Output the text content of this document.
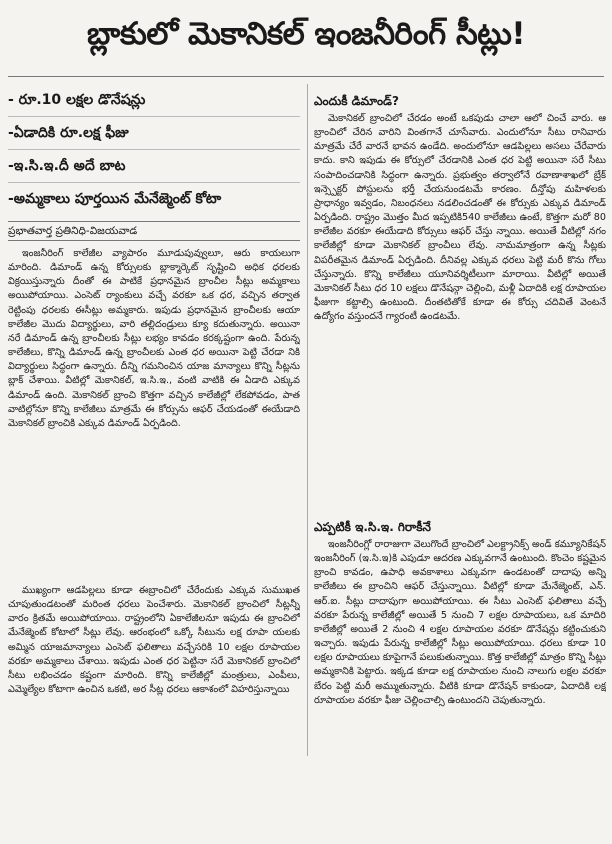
బ్లాకులో మెకానికల్ ఇంజనీరింగ్ సీట్లు!
- రూ.10 లక్షల డొనేషన్లు
-ఏడాదికి రూ.లక్ష ఫీజు
-ఇ.సి.ఇ.దీ అదే బాట
-అమ్మకాలు పూర్తయిన మేనేజ్మెంట్ కోటా
ప్రభాతవార్త ప్రతినిధి-విజయవాడ

ఇంజనీరింగ్ కాలేజీల వ్యాపారం మూడుపువ్వులూ, ఆరు కాయలుగా మారింది. డిమాండ్ ఉన్న కోర్సులకు బ్లాక్మార్కెట్ సృష్టించి అధిక ధరలకు విక్రయిస్తున్నారు దీంతో ఈ పాటికే ప్రధానమైన బ్రాంచీల సీట్లు అమ్మకాలు అయిపోయాయి. ఎంసెట్ ర్యాంకులు వచ్చే వరకూ ఒక ధర, వచ్చిన తర్వాత రెట్టింపు ధరలకు ఈసీట్లు అమ్మకారు. ఇపుడు ప్రధానమైన బ్రాంచీలకు ఆయా కాలేజీల మెుదు విద్యార్థులు, వారి తల్లిదండ్రులు క్యూ కదుతున్నారు. అయినా నరే డిమాండ్ ఉన్న బ్రాంచీలకు సీట్లు లభ్యం కావడం కరక్కష్టంగా ఉంది. పేరున్న కాలేజీలు, కొన్ని డిమాండ్ ఉన్న బ్రాంచీలకు ఎంత ధర అయినా పెట్టి చేరడా నికి విద్యార్థులు సిద్ధంగా ఉన్నారు. దీన్ని గమనించిన యాజ మాన్యాలు కొన్ని సీట్లను బ్లాక్ చేశాయి. వీటిల్లో మెకానికల్, ఇ.సి.ఇ., వంటి వాటికి ఈ ఏడాది ఎక్కువ డిమాండ్ ఉంది. మెకానికల్ బ్రాంచి కొత్తగా వచ్చిన కాలేజీల్లో లేకపోవడం, పాత వాటిల్లోనూ కొన్ని కాలేజీలు మాత్రమే ఈ కోర్సును ఆఫర్ చేయడంతో ఈయేడాది మెకానికల్ బ్రాంచికి ఎక్కువ డిమాండ్ ఏర్పడింది.

ముఖ్యంగా ఆడపిల్లలు కూడా ఈబ్రాంచిలో చేరేందుకు ఎక్కువ సుముఖత చూపుతుండటంతో మరింత ధరలు పెంచేశారు. మెకానికల్ బ్రాంచిలో సీట్లన్నీ వారం క్రితమే అయిపోయాయి. రాష్ట్రంలోని ఏకాలేజీలనూ ఇపుడు ఈ బ్రాంచిలో మేనేజ్మెంట్ కోటాలో సీట్లు లేవు. ఆరంభంలో ఒక్కో సీటును లక్ష రూపా యలకు అమ్మిన యాజమాన్యాలు ఎంసెట్ ఫలితాలు వచ్చేసరికి 10 లక్షల రూపాయల వరకూ అమ్మకాలు చేశాయి. ఇపుడు ఎంత ధర పెట్టినా సరే మెకానికల్ బ్రాంచిలో సీటు లభించడం కష్టంగా మారింది. కొన్ని కాలేజీల్లో మంత్రులు, ఎంపీలు, ఎమ్మెల్యేల కోటాగా ఉంచిన ఒకటి, అర సీట్ల ధరలు ఆకాశంలో విహరిస్తున్నాయి

ఎందుకీ డిమాండ్?

మెకానికల్ బ్రాంచిలో చేరడం అంటే ఒకపుడు చాలా ఆలో చించే వారు. ఆ బ్రాంచిలో చేరిన వారిని వింతగానే చూసేవారు. ఎందులోనూ సీటు రానివారు మాత్రమే చేరే వారనే భావన ఉండేది. అందులోనూ ఆడపిల్లలు అసలు చేరేవారు కాదు. కాని ఇపుడు ఈ కోర్సులో చేరడానికి ఎంత ధర పెట్టి అయినా సరే సీటు సంపాదించడానికి సిద్ధంగా ఉన్నారు. ప్రభుత్వం తర్వాలోనే రవాణాశాఖలో బ్రేక్ ఇన్స్పెక్టర్ పోస్టులను భర్తీ చేయనుండటమే కారణం. దీన్తోపు మహిళలకు ప్రాధాన్యం ఇవ్వడం, నిబంధనలు నడలించడంతో ఈ కోర్సుకు ఎక్కువ డిమాండ్ ఏర్పడింది. రాష్ట్రం మొత్తం మీద ఇప్పటికి540 కాలేజీలు ఉంటే, కొత్తగా మరో 80 కాలేజీల వరకూ ఈయేడాది కోర్సులు ఆఫర్ చేస్తు న్నాయి. అయితే వీటిల్లో నగం కాలేజీల్లో కూడా మెకానికల్ బ్రాంచీలు లేవు. నామమాత్రంగా ఉన్న సీట్లకు విపరీతమైన డిమాండ్ ఏర్పడింది. దీనివల్ల ఎక్కువ ధరలు పెట్టి మరీ కొను గోలు చేస్తున్నారు. కొన్ని కాలేజీలు యూనివర్శిటీలుగా మారాయి. వీటిల్లో అయితే మెకానికల్ సీటు ధర 10 లక్షలు డొనేషన్గా చెల్లించి, మళ్లీ ఏదాదికి లక్ష రూపాయల ఫీజుగా కట్టాల్సి ఉంటుంది. దీంతటితోకే కూడా ఈ కోర్సు చదివితే వెంటనే ఉద్యోగం వస్తుందనే గ్యారంటీ ఉండటమే.

ఎప్పటికీ ఇ.సి.ఇ. గిరాకీనే

ఇంజనీరింగ్లో రారాజుగా వెలుగొందే బ్రాంచిలో ఎలక్ట్రానిక్స్ అండ్ కమ్యూనికేషన్ ఇంజనీరింగ్ (ఇ.సి.ఇ)కి ఎపుడూ ఆదరణ ఎక్కువగానే ఉంటుంది. కొంచెం కష్టమైన బ్రాంచి కావడం, ఉపాధి అవకాశాలు ఎక్కువగా ఉండటంతో దాదాపు అన్ని కాలేజీలు ఈ బ్రాంచిని ఆఫర్ చేస్తున్నాయి. వీటిల్లో కూడా మేనేజ్మెంట్, ఎన్. ఆర్.ఐ. సీట్లు దాదాపుగా అయిపోయాయి. ఈ సీటు ఎంసెట్ ఫలితాలు వచ్చే వరకూ పేరున్న కాలేజీల్లో అయితే 5 నుంచి 7 లక్షల రూపాయలు, ఒక మాదిరి కాలేజీల్లో అయితే 2 నుంచి 4 లక్షల రూపాయల వరకూ డొనేషన్లు కట్టించుకుని ఇచ్చారు. ఇపుడు పేరున్న కాలేజీల్లో సీట్లు అయిపోయాయి. ధరలు కూడా 10 లక్షల రూపాయలు కూపైగానే పలుకుతున్నాయి. కొత్త కాలేజీల్లో మాత్రం కొన్ని సీట్లు అమ్మకానికి పెట్టారు. ఇక్కడ కూడా లక్ష రూపాయల నుంచి నాలుగు లక్షల వరకూ బేరం పెట్టి మరీ అమ్ముతున్నారు. వీటికి కూడా డొనేషన్ కాకుండా, ఏదాదికి లక్ష రూపాయల వరకూ ఫీజు చెల్లించాల్సి ఉంటుందని చెపుతున్నారు.
